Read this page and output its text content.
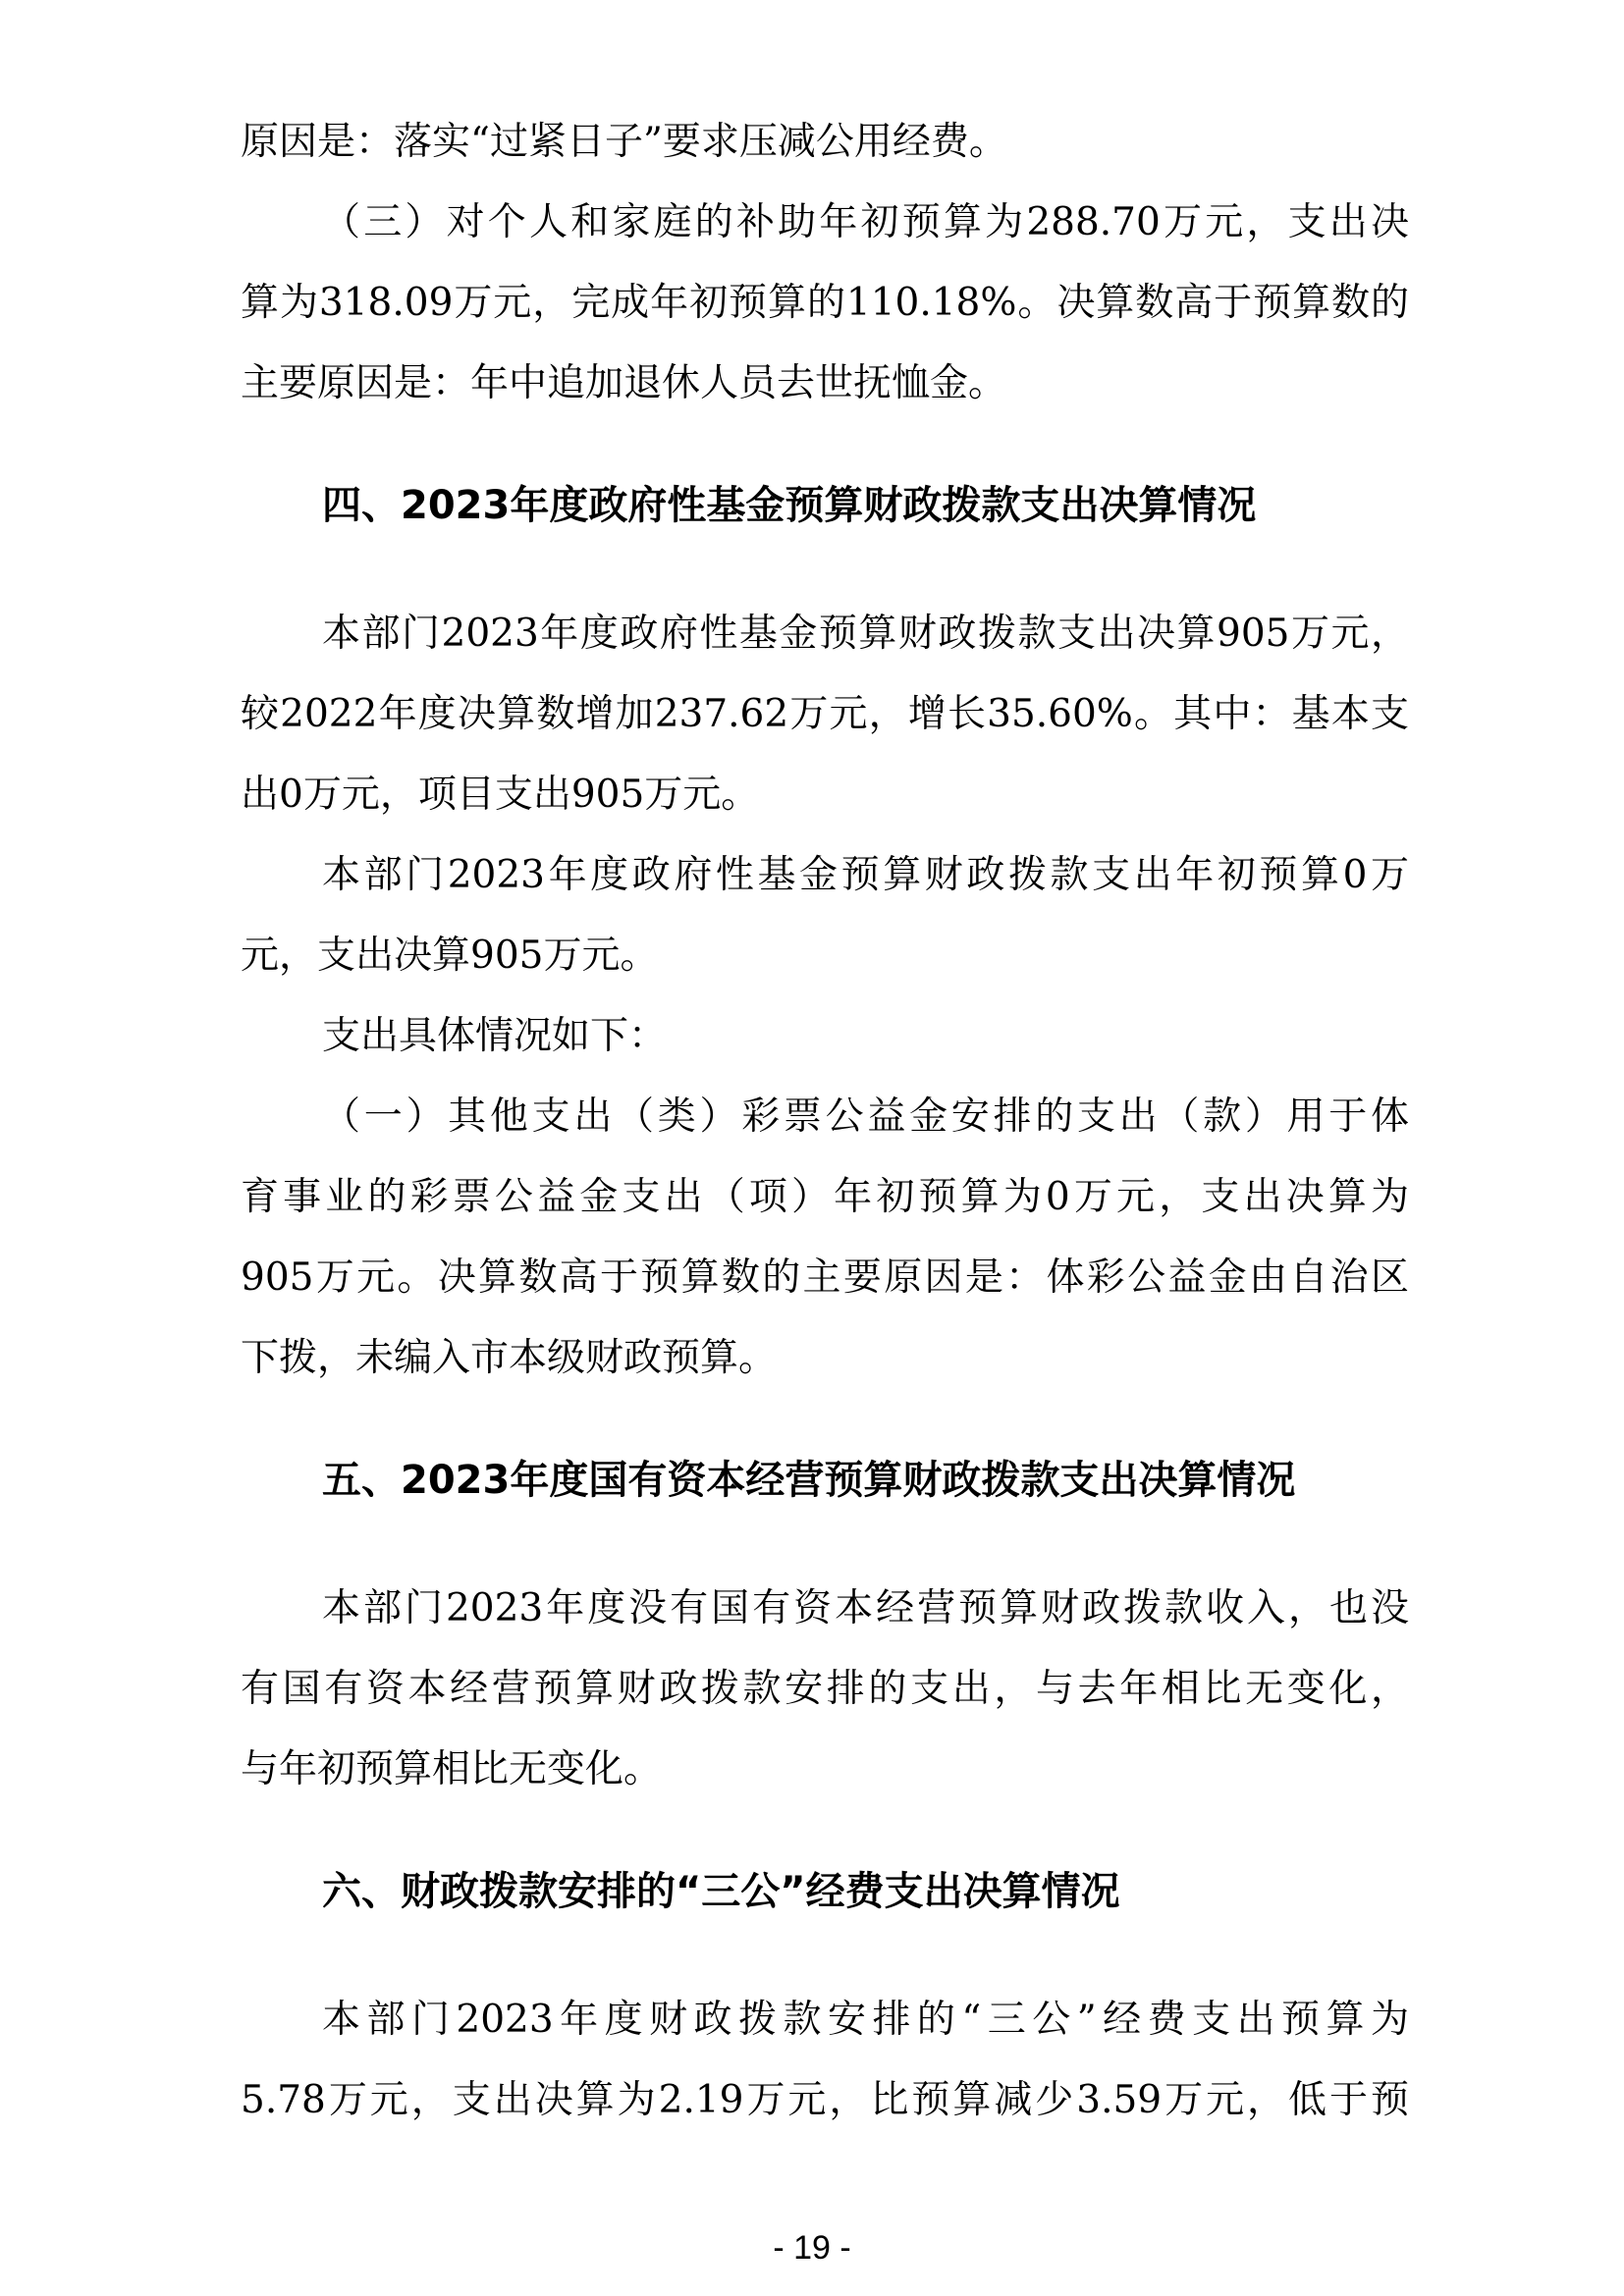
原因是：落实“过紧日子”要求压减公用经费。
（三）对个人和家庭的补助年初预算为288.70万元，支出决
算为318.09万元，完成年初预算的110.18%。决算数高于预算数的
主要原因是：年中追加退休人员去世抚恤金。
四、2023年度政府性基金预算财政拨款支出决算情况
本部门2023年度政府性基金预算财政拨款支出决算905万元，
较2022年度决算数增加237.62万元，增长35.60%。其中：基本支
出0万元，项目支出905万元。
本部门2023年度政府性基金预算财政拨款支出年初预算0万
元，支出决算905万元。
支出具体情况如下：
（一）其他支出（类）彩票公益金安排的支出（款）用于体
育事业的彩票公益金支出（项）年初预算为0万元，支出决算为
905万元。决算数高于预算数的主要原因是：体彩公益金由自治区
下拨，未编入市本级财政预算。
五、2023年度国有资本经营预算财政拨款支出决算情况
本部门2023年度没有国有资本经营预算财政拨款收入，也没
有国有资本经营预算财政拨款安排的支出，与去年相比无变化，
与年初预算相比无变化。
六、财政拨款安排的“三公”经费支出决算情况
本部门2023年度财政拨款安排的“三公”经费支出预算为
5.78万元，支出决算为2.19万元，比预算减少3.59万元，低于预
- 19 -
